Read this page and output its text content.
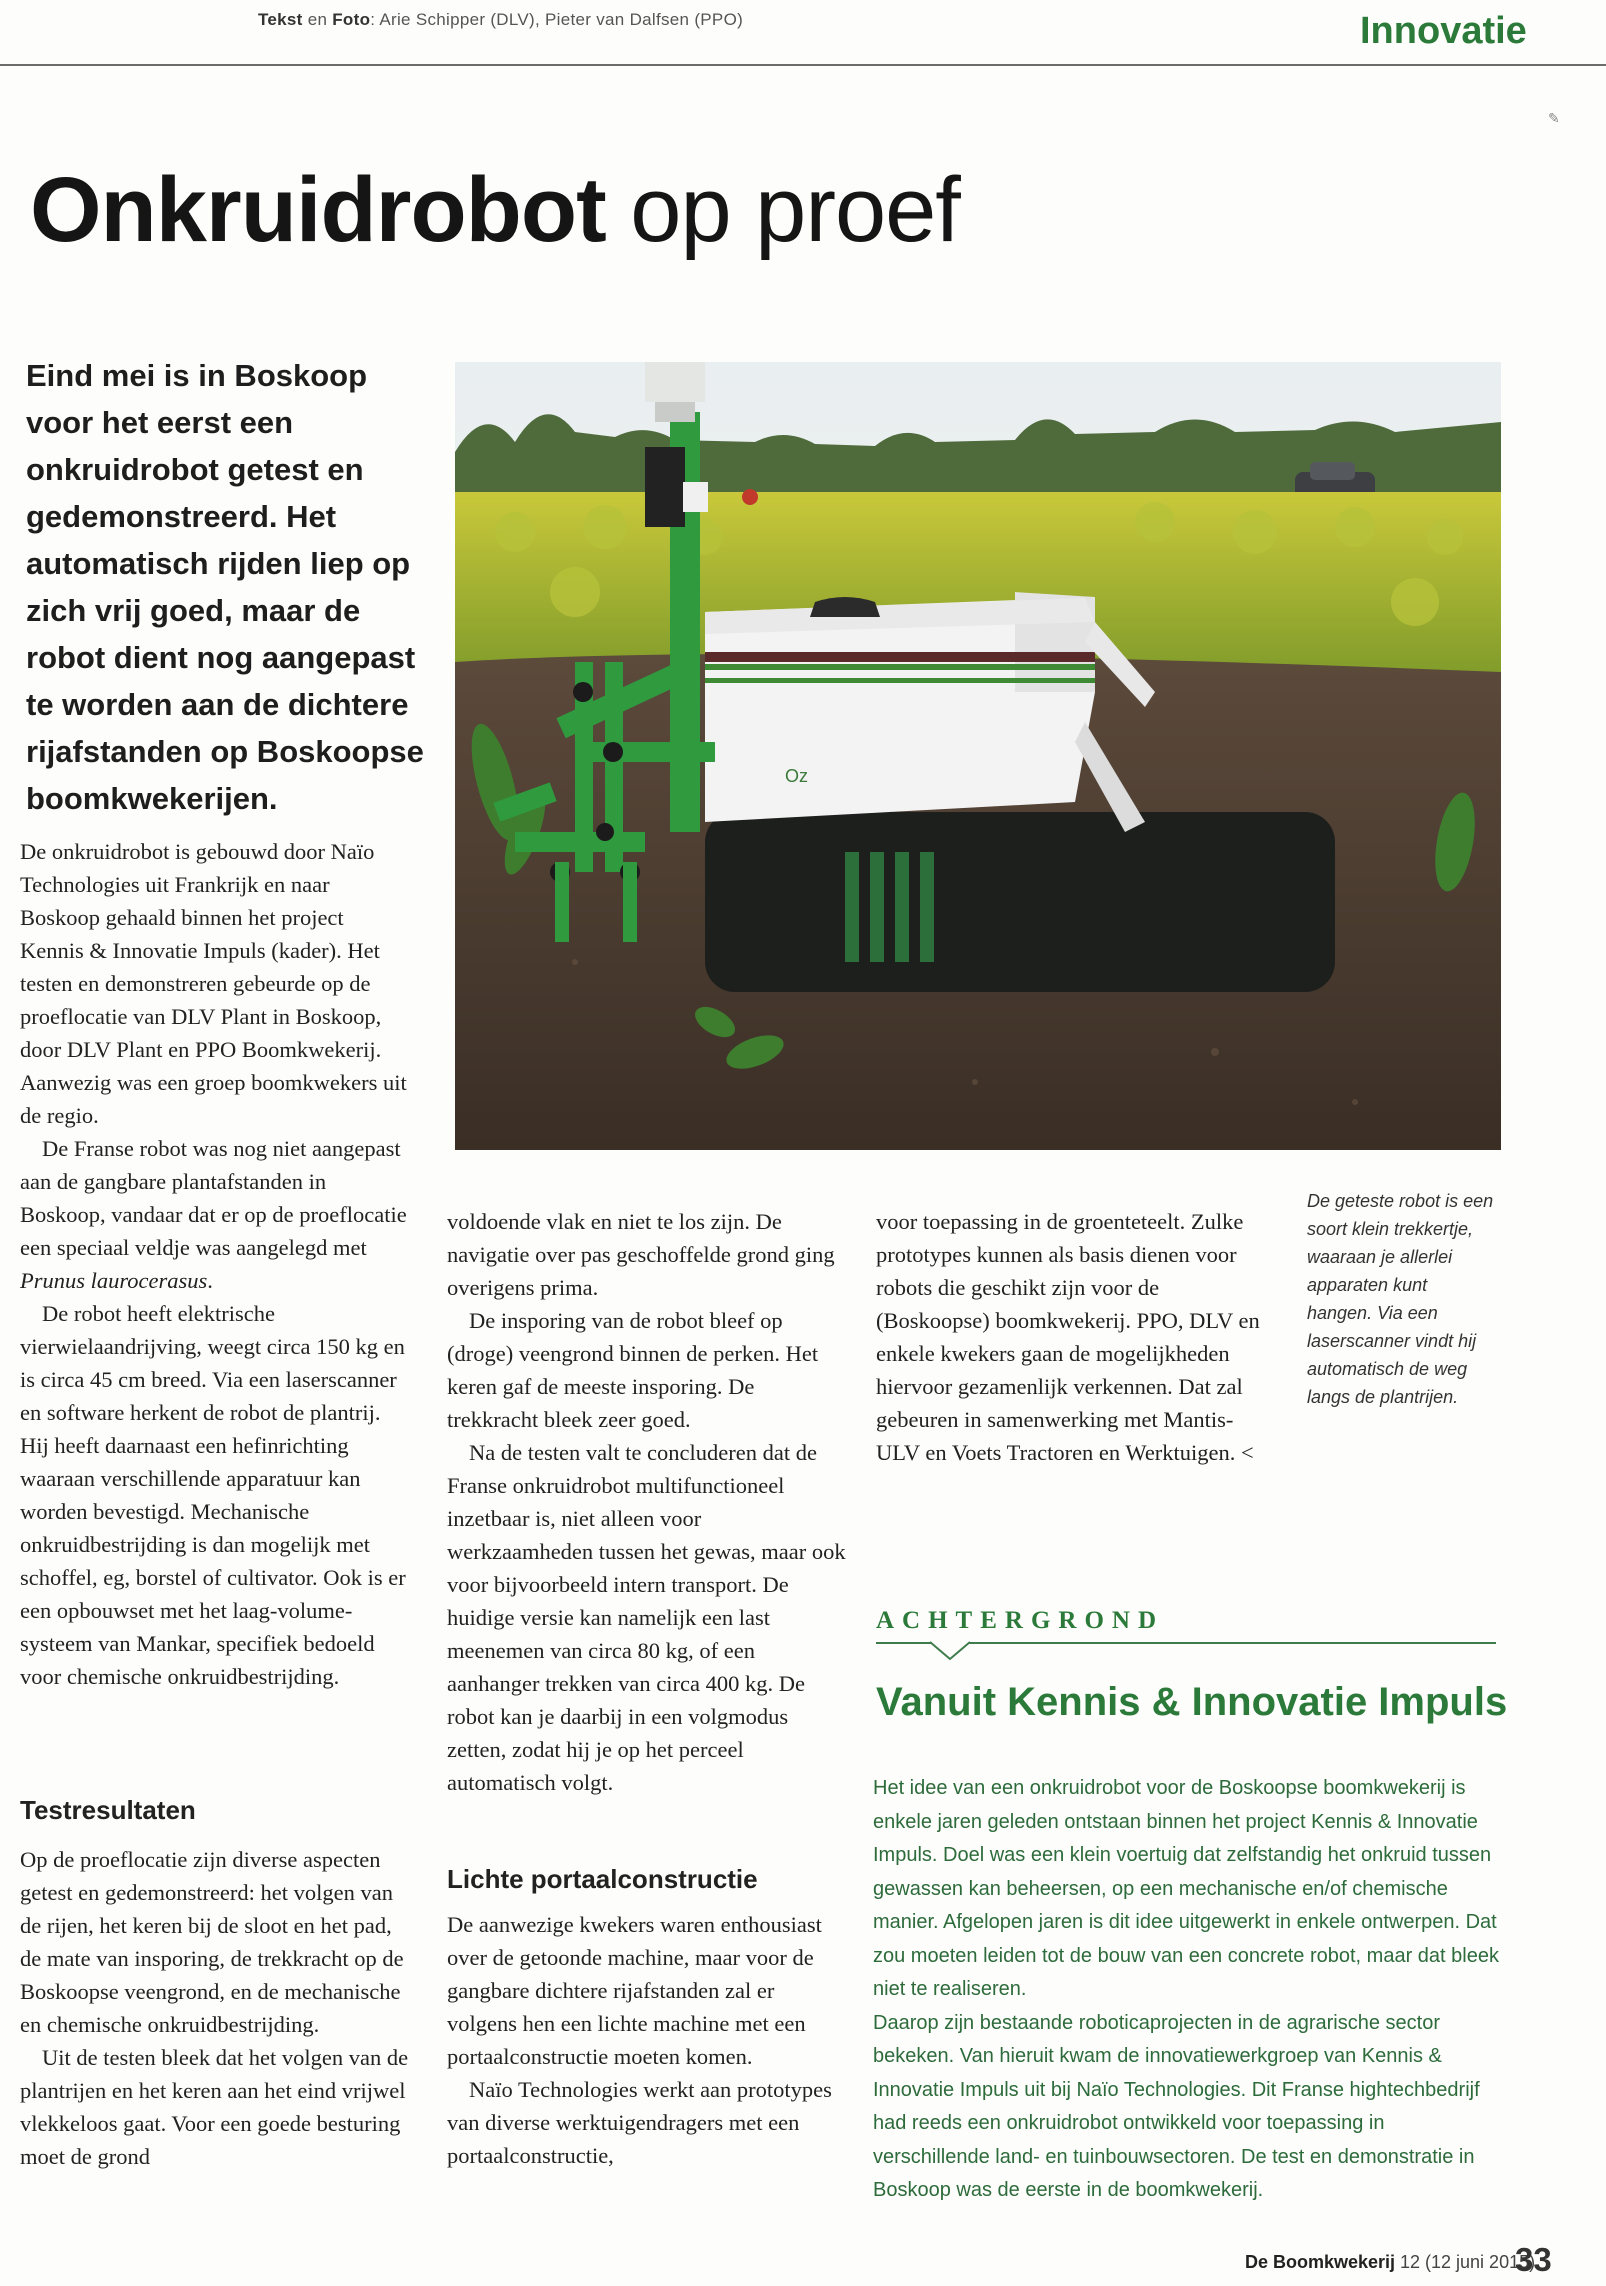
Tekst en Foto: Arie Schipper (DLV), Pieter van Dalfsen (PPO)	Innovatie
✎
Onkruidrobot op proef
Eind mei is in Boskoop voor het eerst een onkruidrobot getest en gedemonstreerd. Het automatisch rijden liep op zich vrij goed, maar de robot dient nog aangepast te worden aan de dichtere rijafstanden op Boskoopse boomkwekerijen.
Oz
De geteste robot is een soort klein trekkertje, waaraan je allerlei apparaten kunt hangen. Via een laserscanner vindt hij automatisch de weg langs de plantrijen.

De onkruidrobot is gebouwd door Naïo Technologies uit Frankrijk en naar Boskoop gehaald binnen het project Kennis & Innovatie Impuls (kader). Het testen en demonstreren gebeurde op de proeflocatie van DLV Plant in Boskoop, door DLV Plant en PPO Boomkwekerij. Aanwezig was een groep boomkwekers uit de regio.

De Franse robot was nog niet aangepast aan de gangbare plantafstanden in Boskoop, vandaar dat er op de proeflocatie een speciaal veldje was aangelegd met Prunus laurocerasus.

De robot heeft elektrische vierwielaandrijving, weegt circa 150 kg en is circa 45 cm breed. Via een laserscanner en software herkent de robot de plantrij. Hij heeft daarnaast een hefinrichting waaraan verschillende apparatuur kan worden bevestigd. Mechanische onkruidbestrijding is dan mogelijk met schoffel, eg, borstel of cultivator. Ook is er een opbouwset met het laag-volume-systeem van Mankar, specifiek bedoeld voor chemische onkruidbestrijding.

Testresultaten

Op de proeflocatie zijn diverse aspecten getest en gedemonstreerd: het volgen van de rijen, het keren bij de sloot en het pad, de mate van insporing, de trekkracht op de Boskoopse veengrond, en de mechanische en chemische onkruidbestrijding.

Uit de testen bleek dat het volgen van de plantrijen en het keren aan het eind vrijwel vlekkeloos gaat. Voor een goede besturing moet de grond

voldoende vlak en niet te los zijn. De navigatie over pas geschoffelde grond ging overigens prima.

De insporing van de robot bleef op (droge) veengrond binnen de perken. Het keren gaf de meeste insporing. De trekkracht bleek zeer goed.

Na de testen valt te concluderen dat de Franse onkruidrobot multifunctioneel inzetbaar is, niet alleen voor werkzaamheden tussen het gewas, maar ook voor bijvoorbeeld intern transport. De huidige versie kan namelijk een last meenemen van circa 80 kg, of een aanhanger trekken van circa 400 kg. De robot kan je daarbij in een volgmodus zetten, zodat hij je op het perceel automatisch volgt.

Lichte portaalconstructie

De aanwezige kwekers waren enthousiast over de getoonde machine, maar voor de gangbare dichtere rijafstanden zal er volgens hen een lichte machine met een portaalconstructie moeten komen.

Naïo Technologies werkt aan prototypes van diverse werktuigendragers met een portaalconstructie,

voor toepassing in de groenteteelt. Zulke prototypes kunnen als basis dienen voor robots die geschikt zijn voor de (Boskoopse) boomkwekerij. PPO, DLV en enkele kwekers gaan de mogelijkheden hiervoor gezamenlijk verkennen. Dat zal gebeuren in samenwerking met Mantis-ULV en Voets Tractoren en Werktuigen. <

ACHTERGROND
Vanuit Kennis & Innovatie Impuls

Het idee van een onkruidrobot voor de Boskoopse boomkwekerij is enkele jaren geleden ontstaan binnen het project Kennis & Innovatie Impuls. Doel was een klein voertuig dat zelfstandig het onkruid tussen gewassen kan beheersen, op een mechanische en/of chemische manier. Afgelopen jaren is dit idee uitgewerkt in enkele ontwerpen. Dat zou moeten leiden tot de bouw van een concrete robot, maar dat bleek niet te realiseren.

Daarop zijn bestaande roboticaprojecten in de agrarische sector bekeken. Van hieruit kwam de innovatiewerkgroep van Kennis & Innovatie Impuls uit bij Naïo Technologies. Dit Franse hightechbedrijf had reeds een onkruidrobot ontwikkeld voor toepassing in verschillende land- en tuinbouwsectoren. De test en demonstratie in Boskoop was de eerste in de boomkwekerij.

De Boomkwekerij 12 (12 juni 2015)
33
